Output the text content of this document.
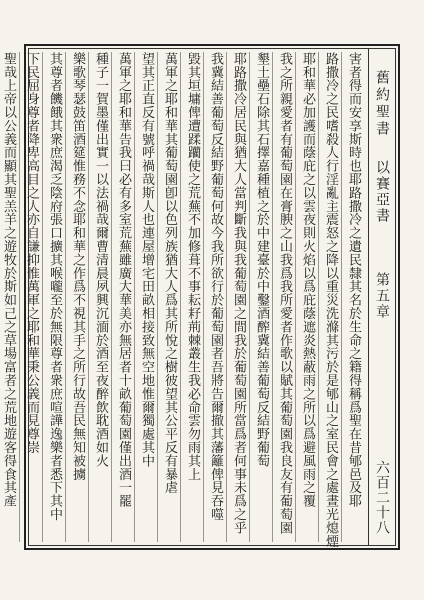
舊約聖書
以賽亞書
第五章
六百二十八
害者得而安享斯時也耶路撒冷之遺民隸其名於生命之籍得稱爲聖在昔郇邑及耶
路撒冷之民嗜殺人行淫亂主震怒之降以重災洗滌其污於是郇山之室民會之處晝光熄煙
耶和華必加護而蔭庇之以雲夜則火焰以爲庇蔭遮炎熱蔽雨之所以爲避風雨之覆
我之所親愛者有葡萄園在膏腴之山我爲我所愛者作歌以賦其葡萄園我良友有葡萄園
墾土壘石除其石擇嘉種植之於中建臺於中鑿酒醡冀結善葡萄反結野葡萄
耶路撒冷居民與猶大人當判斷我與我葡萄園之間我於葡萄園所當爲者何事未爲之乎
我冀結善葡萄反結野葡萄何故今我所欲行於葡萄園者吾將告爾撤其藩籬俾見吞噬
毀其垣墉俾遭蹂躪使之荒蕪不加修葺不事耘耔荊棘叢生我必命雲勿雨其上
萬軍之耶和華其葡萄園卽以色列族猶大人爲其所悅之樹彼望其公平反有暴虐
望其正直反有號呼禍哉斯人也連屋增宅田畝相接致無空地惟爾獨處其中
萬軍之耶和華告我曰必有多室荒蕪雖廣大華美亦無居者十畝葡萄園僅出酒一罷
種子一賀墨僅出實一以法禍哉爾曹清晨夙興沉湎於酒至夜醉飲耽酒如火
樂歌琴瑟鼓笛酒筵惟務不念耶和華之作爲不視其手之所行故吾民無知被擄
其尊者饑餓其衆庶渴乏陰府張口擴其喉嚨至於無限尊者衆庶喧譁逸樂者悉下其中
下民屈身尊者降卑高目之人亦自謙抑惟萬軍之耶和華秉公義而見尊崇
聖哉上帝以公義而顯其聖羔羊之遊牧於斯如己之草場富者之荒地遊客得食其產
